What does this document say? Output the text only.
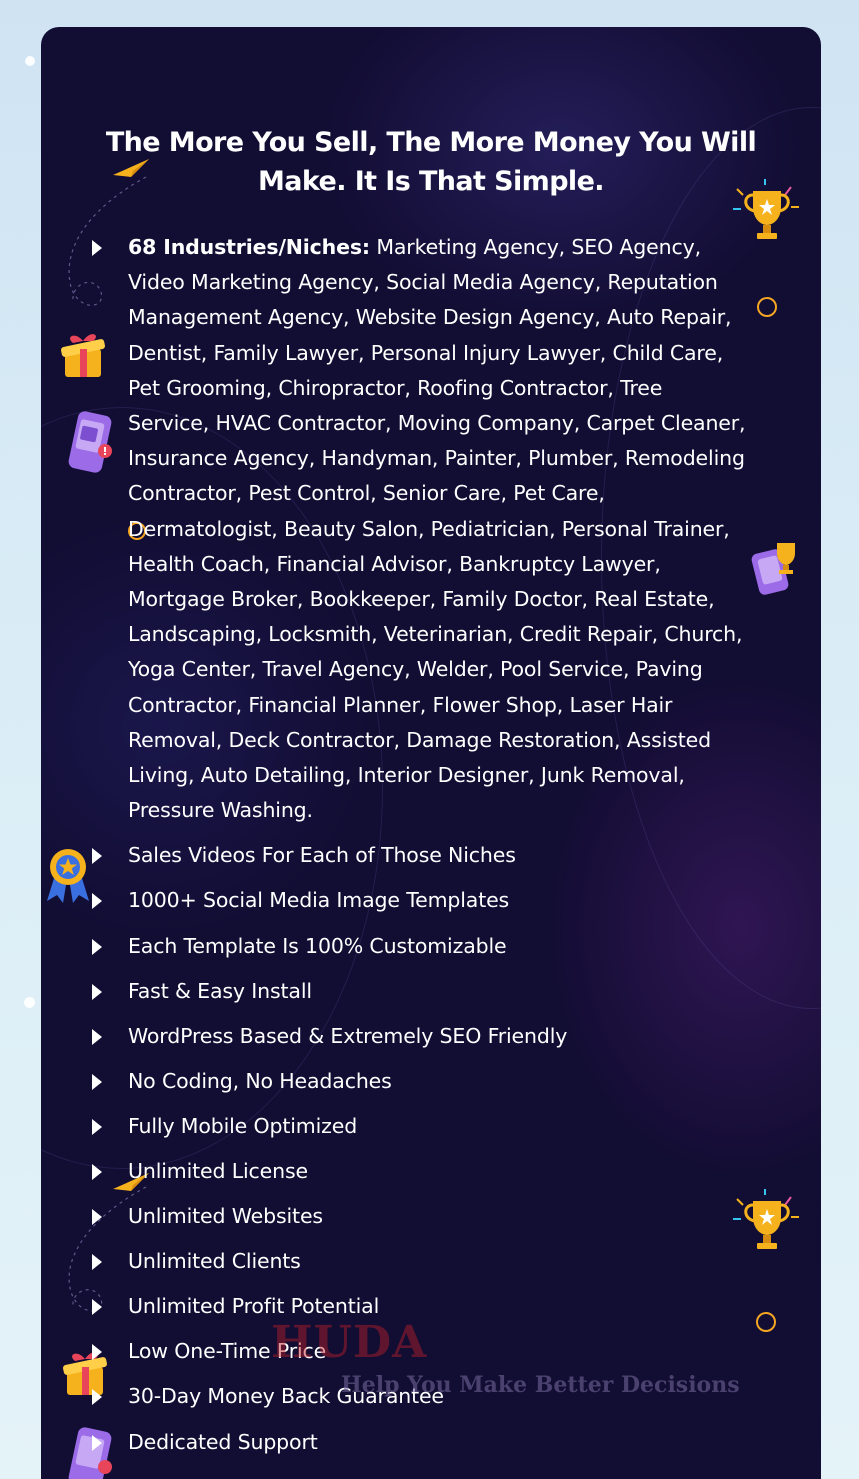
The More You Sell, The More Money You Will Make. It Is That Simple.
68 Industries/Niches: Marketing Agency, SEO Agency, Video Marketing Agency, Social Media Agency, Reputation Management Agency, Website Design Agency, Auto Repair, Dentist, Family Lawyer, Personal Injury Lawyer, Child Care, Pet Grooming, Chiropractor, Roofing Contractor, Tree Service, HVAC Contractor, Moving Company, Carpet Cleaner, Insurance Agency, Handyman, Painter, Plumber, Remodeling Contractor, Pest Control, Senior Care, Pet Care, Dermatologist, Beauty Salon, Pediatrician, Personal Trainer, Health Coach, Financial Advisor, Bankruptcy Lawyer, Mortgage Broker, Bookkeeper, Family Doctor, Real Estate, Landscaping, Locksmith, Veterinarian, Credit Repair, Church, Yoga Center, Travel Agency, Welder, Pool Service, Paving Contractor, Financial Planner, Flower Shop, Laser Hair Removal, Deck Contractor, Damage Restoration, Assisted Living, Auto Detailing, Interior Designer, Junk Removal, Pressure Washing.
Sales Videos For Each of Those Niches
1000+ Social Media Image Templates
Each Template Is 100% Customizable
Fast & Easy Install
WordPress Based & Extremely SEO Friendly
No Coding, No Headaches
Fully Mobile Optimized
Unlimited License
Unlimited Websites
Unlimited Clients
Unlimited Profit Potential
Low One-Time Price
30-Day Money Back Guarantee
Dedicated Support
HUDA
Help You Make Better Decisions
